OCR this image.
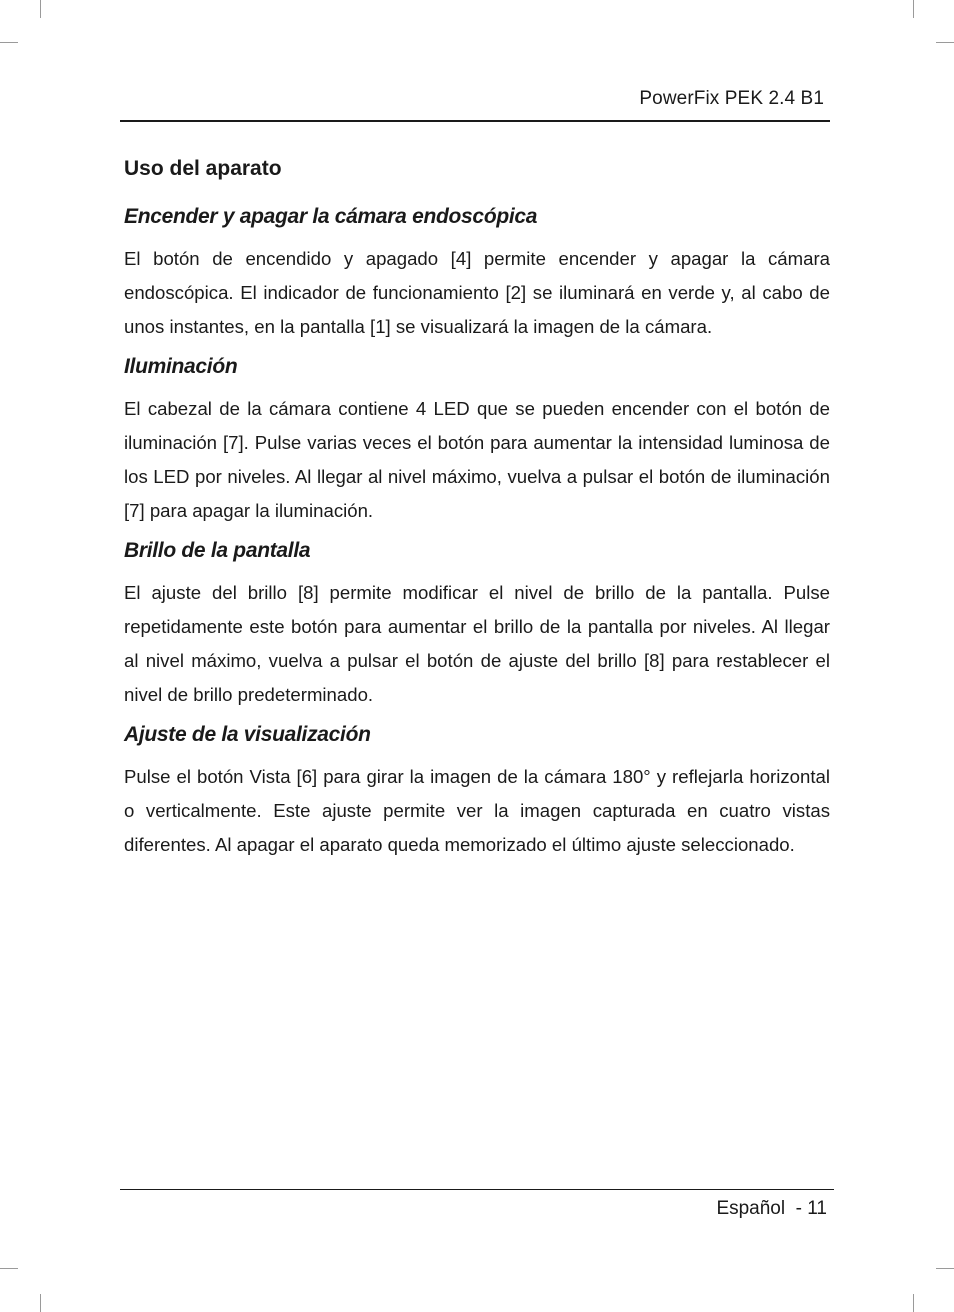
PowerFix PEK 2.4 B1
Uso del aparato
Encender y apagar la cámara endoscópica

El botón de encendido y apagado [4] permite encender y apagar la cámara endoscópica. El indicador de funcionamiento [2] se iluminará en verde y, al cabo de unos instantes, en la pantalla [1] se visualizará la imagen de la cámara.

Iluminación

El cabezal de la cámara contiene 4 LED que se pueden encender con el botón de iluminación [7]. Pulse varias veces el botón para aumentar la intensidad luminosa de los LED por niveles. Al llegar al nivel máximo, vuelva a pulsar el botón de iluminación [7] para apagar la iluminación.

Brillo de la pantalla

El ajuste del brillo [8] permite modificar el nivel de brillo de la pantalla. Pulse repetidamente este botón para aumentar el brillo de la pantalla por niveles. Al llegar al nivel máximo, vuelva a pulsar el botón de ajuste del brillo [8] para restablecer el nivel de brillo predeterminado.

Ajuste de la visualización

Pulse el botón Vista [6] para girar la imagen de la cámara 180° y reflejarla horizontal o verticalmente. Este ajuste permite ver la imagen capturada en cuatro vistas diferentes. Al apagar el aparato queda memorizado el último ajuste seleccionado.

Español  - 11
